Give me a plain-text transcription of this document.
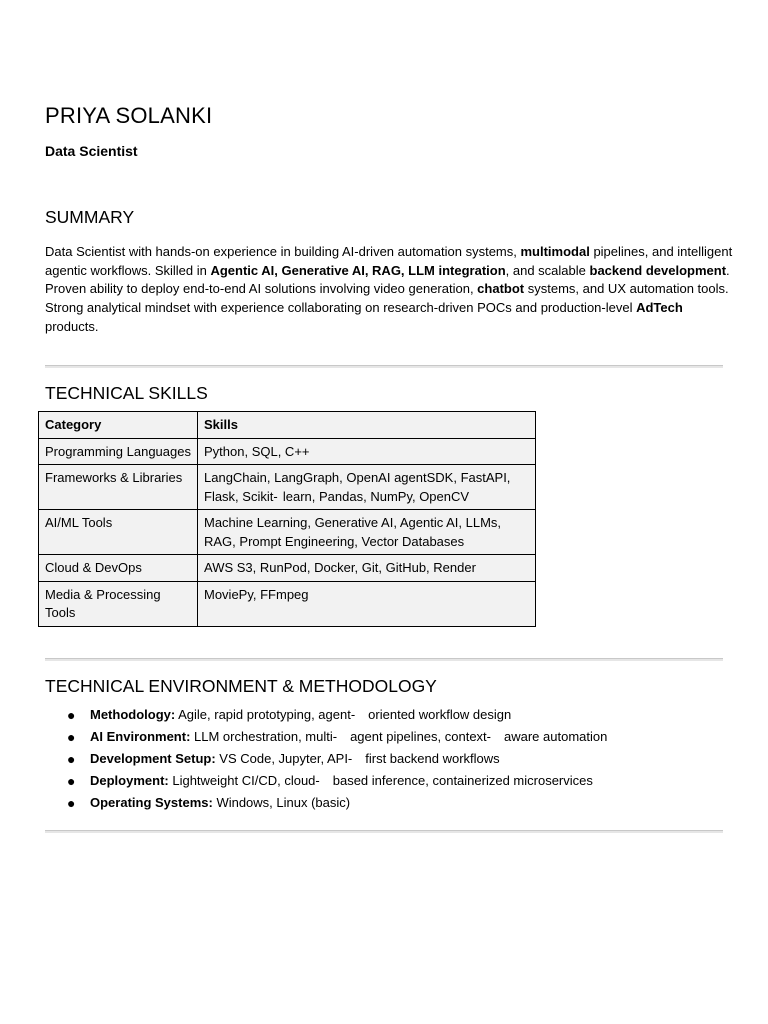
PRIYA SOLANKI
Data Scientist
SUMMARY
Data Scientist with hands-on experience in building AI-driven automation systems, multimodal pipelines, and intelligent agentic workflows. Skilled in Agentic AI, Generative AI, RAG, LLM integration, and scalable backend development. Proven ability to deploy end-to-end AI solutions involving video generation, chatbot systems, and UX automation tools. Strong analytical mindset with experience collaborating on research-driven POCs and production-level AdTech products.
TECHNICAL SKILLS
Category	Skills
Programming Languages	Python, SQL, C++
Frameworks & Libraries	LangChain, LangGraph, OpenAI agentSDK, FastAPI, Flask, Scikit-  learn, Pandas, NumPy, OpenCV
AI/ML Tools	Machine Learning, Generative AI, Agentic AI, LLMs, RAG, Prompt Engineering, Vector Databases
Cloud & DevOps	AWS S3, RunPod, Docker, Git, GitHub, Render
Media & Processing Tools	MoviePy, FFmpeg
TECHNICAL ENVIRONMENT & METHODOLOGY
● Methodology: Agile, rapid prototyping, agent- oriented workflow design
● AI Environment: LLM orchestration, multi- agent pipelines, context- aware automation
● Development Setup: VS Code, Jupyter, API- first backend workflows
● Deployment: Lightweight CI/CD, cloud- based inference, containerized microservices
● Operating Systems: Windows, Linux (basic)
